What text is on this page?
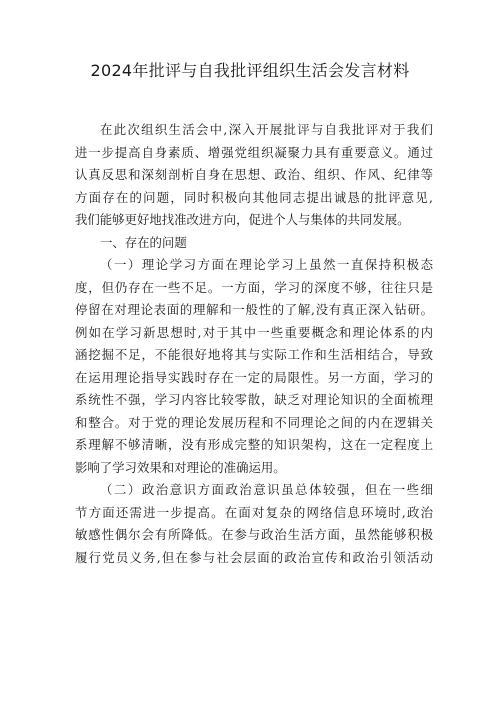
2024年批评与自我批评组织生活会发言材料
在此次组织生活会中,深入开展批评与自我批评对于我们
进一步提高自身素质、增强党组织凝聚力具有重要意义。通过
认真反思和深刻剖析自身在思想、政治、组织、作风、纪律等
方面存在的问题，同时积极向其他同志提出诚恳的批评意见,
我们能够更好地找准改进方向，促进个人与集体的共同发展。
一、存在的问题
（一）理论学习方面在理论学习上虽然一直保持积极态
度，但仍存在一些不足。一方面，学习的深度不够，往往只是
停留在对理论表面的理解和一般性的了解,没有真正深入钻研。
例如在学习新思想时,对于其中一些重要概念和理论体系的内
涵挖掘不足，不能很好地将其与实际工作和生活相结合，导致
在运用理论指导实践时存在一定的局限性。另一方面，学习的
系统性不强，学习内容比较零散，缺乏对理论知识的全面梳理
和整合。对于党的理论发展历程和不同理论之间的内在逻辑关
系理解不够清晰，没有形成完整的知识架构，这在一定程度上
影响了学习效果和对理论的准确运用。
（二）政治意识方面政治意识虽总体较强，但在一些细
节方面还需进一步提高。在面对复杂的网络信息环境时,政治
敏感性偶尔会有所降低。在参与政治生活方面，虽然能够积极
履行党员义务,但在参与社会层面的政治宣传和政治引领活动
